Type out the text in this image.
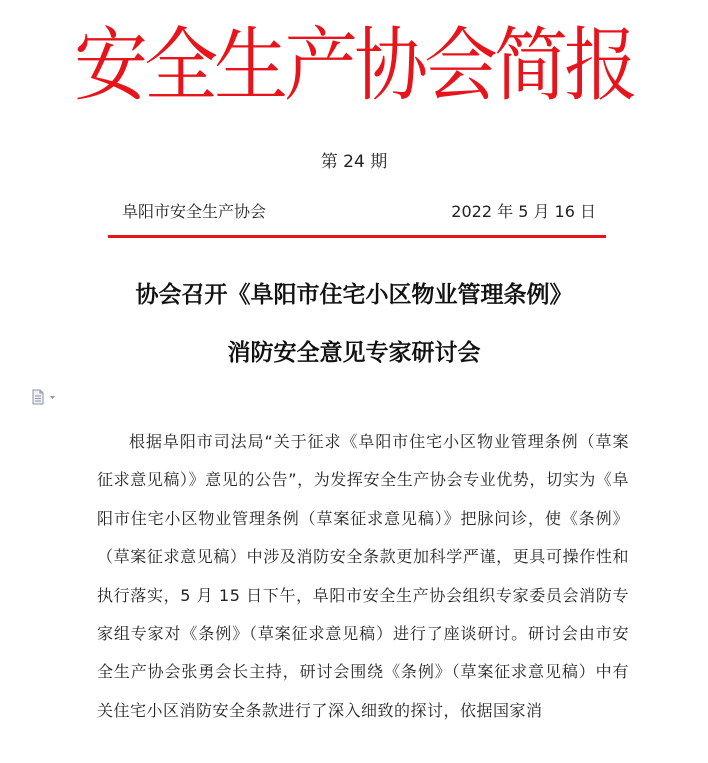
安全生产协会简报
第 24 期
阜阳市安全生产协会	2022 年 5 月 16 日
协会召开《阜阳市住宅小区物业管理条例》
消防安全意见专家研讨会

根据阜阳市司法局“关于征求《阜阳市住宅小区物业管理条例（草案征求意见稿）》意见的公告”，为发挥安全生产协会专业优势，切实为《阜阳市住宅小区物业管理条例（草案征求意见稿）》把脉问诊，使《条例》（草案征求意见稿）中涉及消防安全条款更加科学严谨，更具可操作性和执行落实，5 月 15 日下午，阜阳市安全生产协会组织专家委员会消防专家组专家对《条例》（草案征求意见稿）进行了座谈研讨。研讨会由市安全生产协会张勇会长主持，研讨会围绕《条例》（草案征求意见稿）中有关住宅小区消防安全条款进行了深入细致的探讨，依据国家消
